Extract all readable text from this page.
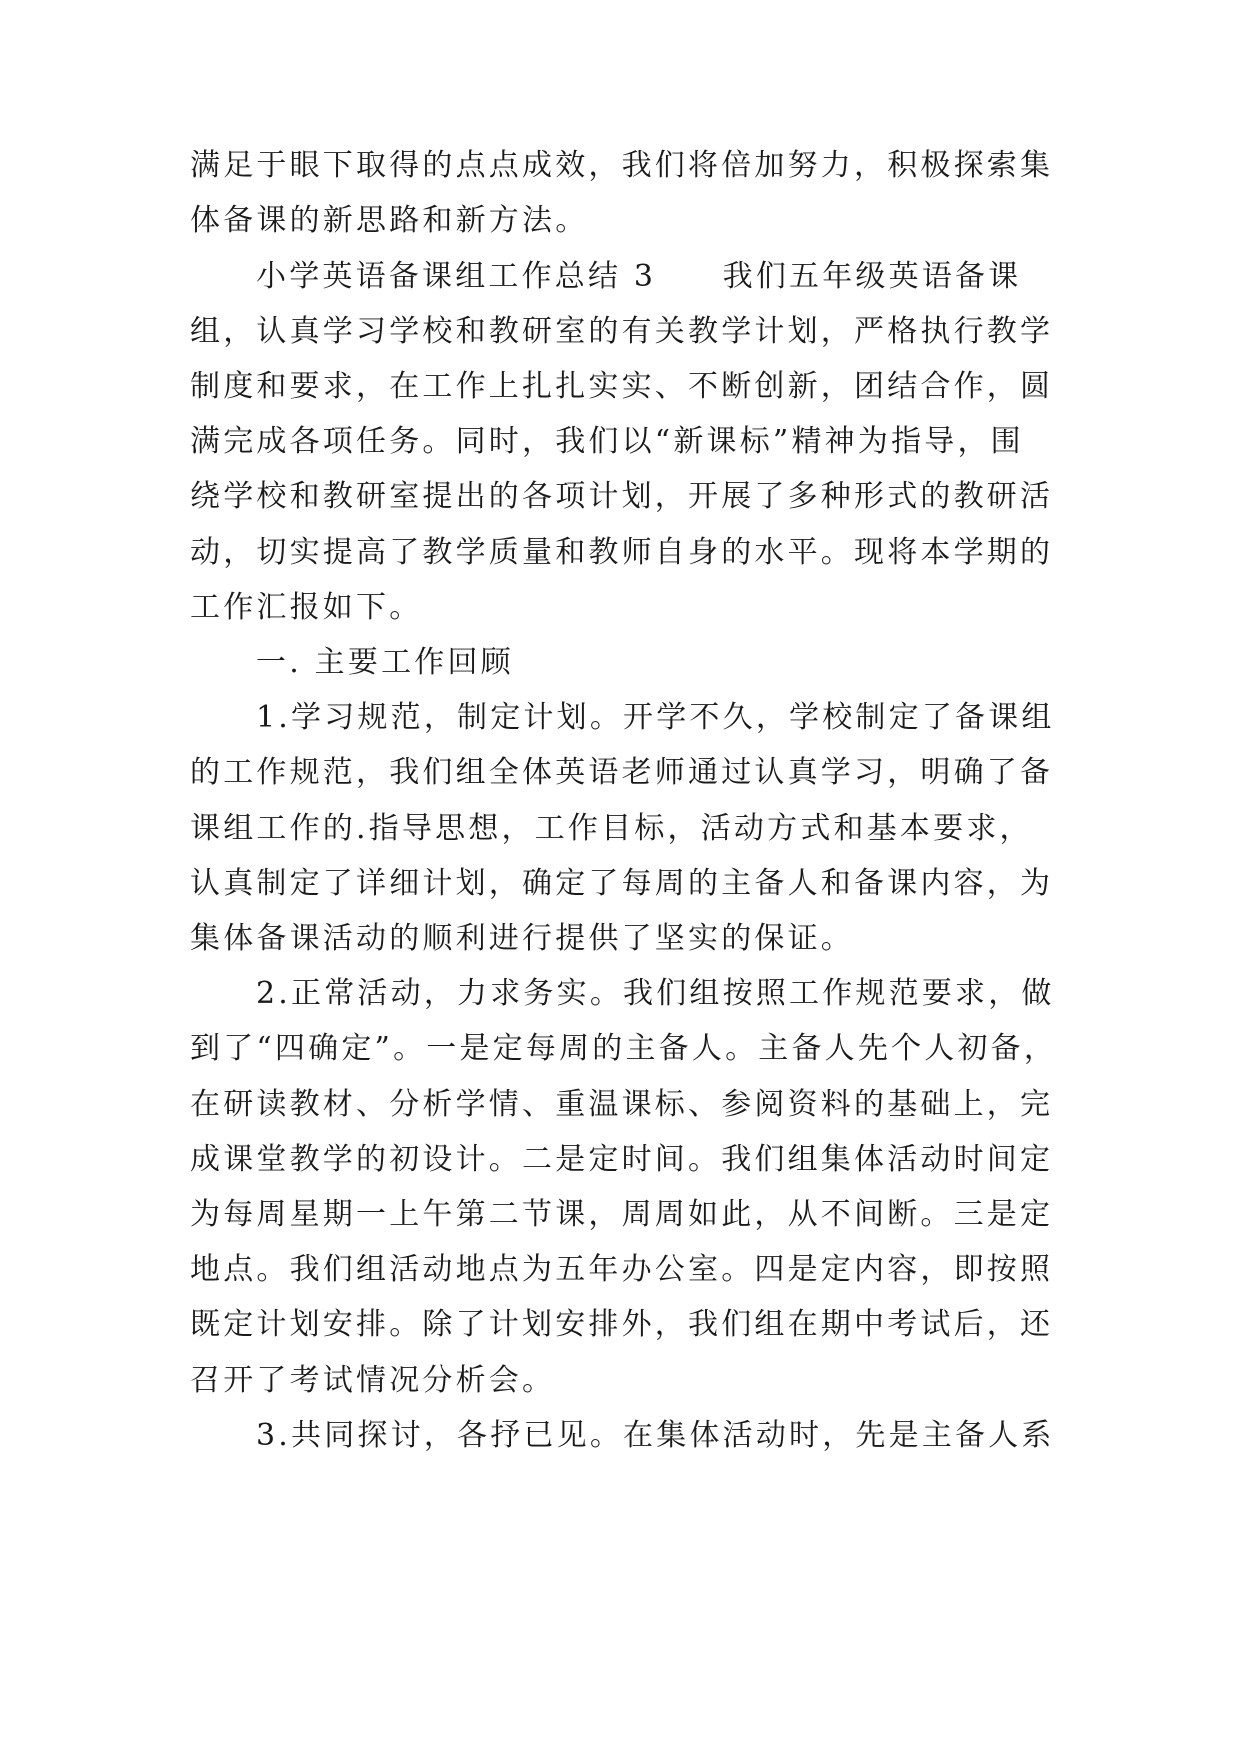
满足于眼下取得的点点成效，我们将倍加努力，积极探索集
体备课的新思路和新方法。
小学英语备课组工作总结 3　　我们五年级英语备课
组，认真学习学校和教研室的有关教学计划，严格执行教学
制度和要求，在工作上扎扎实实、不断创新，团结合作，圆
满完成各项任务。同时，我们以“新课标”精神为指导，围
绕学校和教研室提出的各项计划，开展了多种形式的教研活
动，切实提高了教学质量和教师自身的水平。现将本学期的
工作汇报如下。
一. 主要工作回顾
1.学习规范，制定计划。开学不久，学校制定了备课组
的工作规范，我们组全体英语老师通过认真学习，明确了备
课组工作的.指导思想，工作目标，活动方式和基本要求，
认真制定了详细计划，确定了每周的主备人和备课内容，为
集体备课活动的顺利进行提供了坚实的保证。
2.正常活动，力求务实。我们组按照工作规范要求，做
到了“四确定”。一是定每周的主备人。主备人先个人初备，
在研读教材、分析学情、重温课标、参阅资料的基础上，完
成课堂教学的初设计。二是定时间。我们组集体活动时间定
为每周星期一上午第二节课，周周如此，从不间断。三是定
地点。我们组活动地点为五年办公室。四是定内容，即按照
既定计划安排。除了计划安排外，我们组在期中考试后，还
召开了考试情况分析会。
3.共同探讨，各抒已见。在集体活动时，先是主备人系
